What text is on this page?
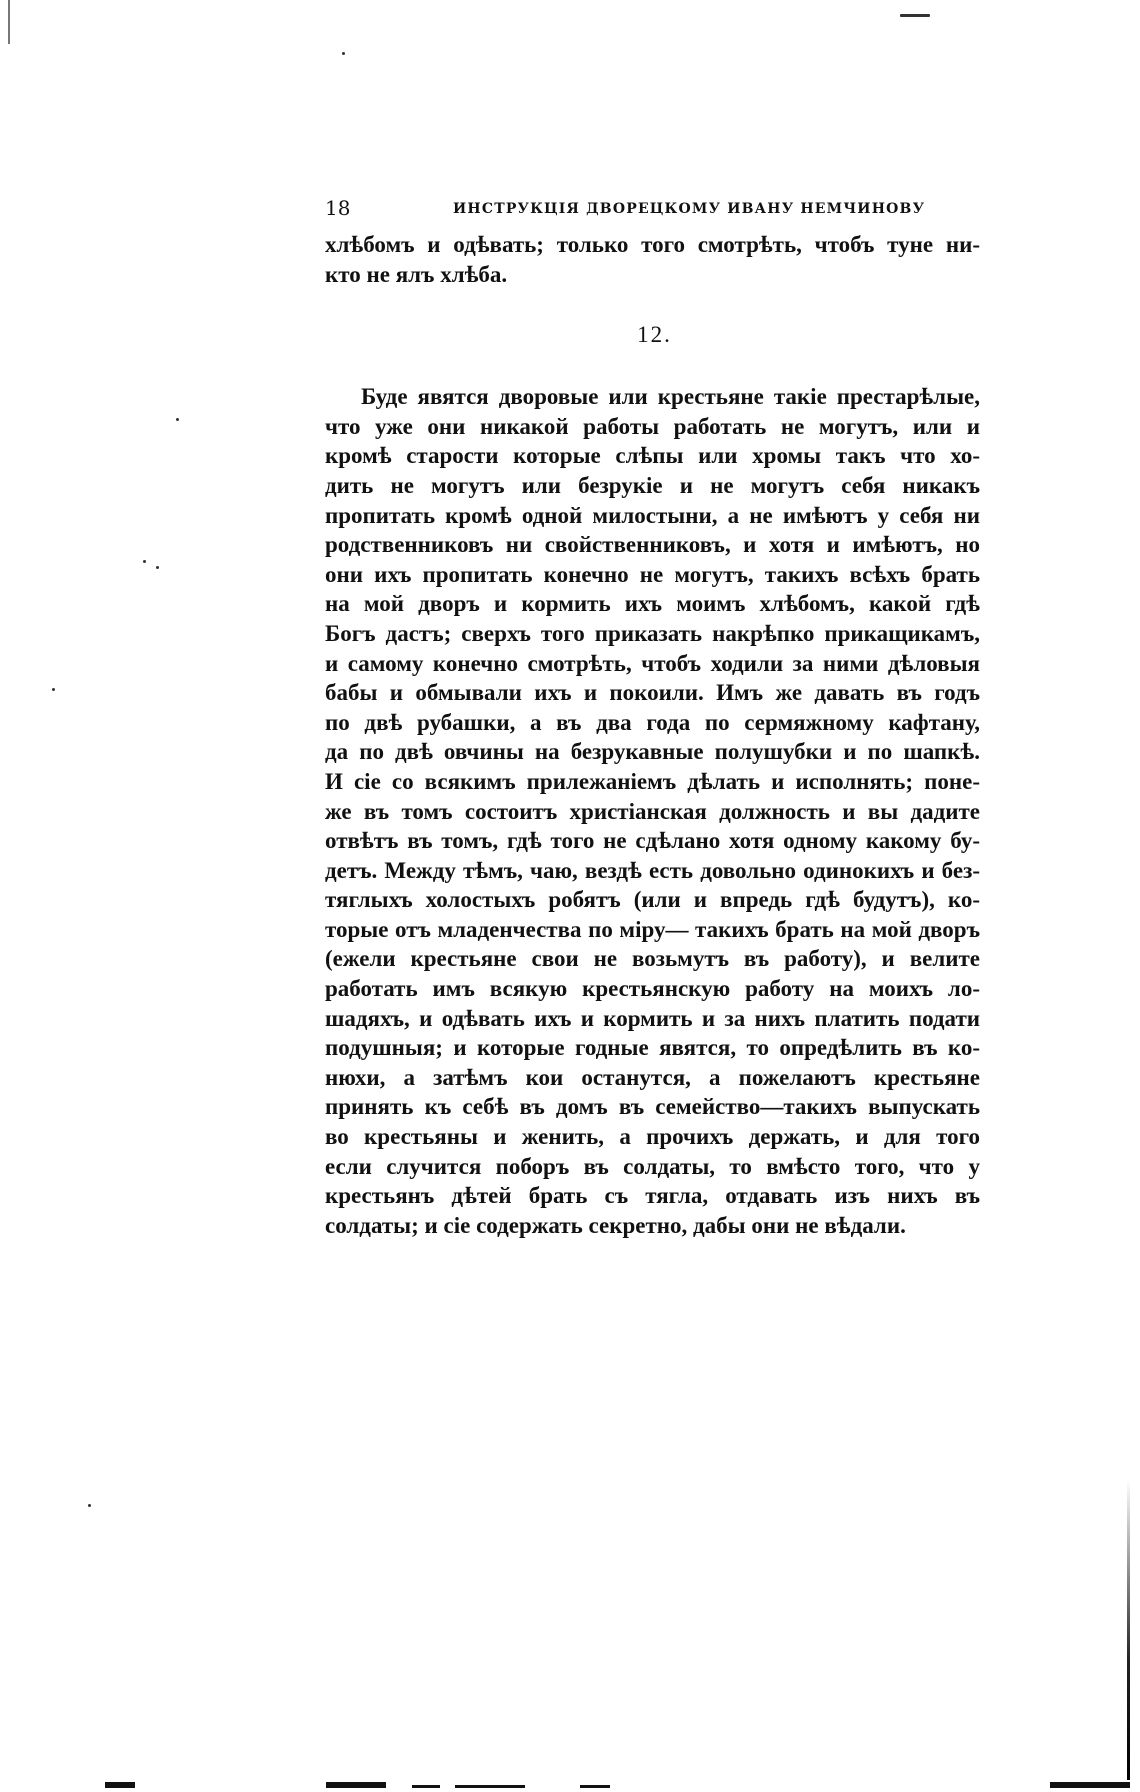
18	ИНСТРУКЦІЯ ДВОРЕЦКОМУ ИВАНУ НЕМЧИНОВУ
хлѣбомъ и одѣвать; только того смотрѣть, чтобъ туне ни-
кто не ялъ хлѣба.
12.
Буде явятся дворовые или крестьяне такіе престарѣлые,
что уже они никакой работы работать не могутъ, или и
кромѣ старости которые слѣпы или хромы такъ что хо-
дить не могутъ или безрукіе и не могутъ себя никакъ
пропитать кромѣ одной милостыни, а не имѣютъ у себя ни
родственниковъ ни свойственниковъ, и хотя и имѣютъ, но
они ихъ пропитать конечно не могутъ, такихъ всѣхъ брать
на мой дворъ и кормить ихъ моимъ хлѣбомъ, какой гдѣ
Богъ дастъ; сверхъ того приказать накрѣпко прикащикамъ,
и самому конечно смотрѣть, чтобъ ходили за ними дѣловыя
бабы и обмывали ихъ и покоили. Имъ же давать въ годъ
по двѣ рубашки, а въ два года по сермяжному кафтану,
да по двѣ овчины на безрукавные полушубки и по шапкѣ.
И сіе со всякимъ прилежаніемъ дѣлать и исполнять; поне-
же въ томъ состоитъ христіанская должность и вы дадите
отвѣтъ въ томъ, гдѣ того не сдѣлано хотя одному какому бу-
детъ. Между тѣмъ, чаю, вездѣ есть довольно одинокихъ и без-
тяглыхъ холостыхъ робятъ (или и впредь гдѣ будутъ), ко-
торые отъ младенчества по міру— такихъ брать на мой дворъ
(ежели крестьяне свои не возьмутъ въ работу), и велите
работать имъ всякую крестьянскую работу на моихъ ло-
шадяхъ, и одѣвать ихъ и кормить и за нихъ платить подати
подушныя; и которые годные явятся, то опредѣлить въ ко-
нюхи, а затѣмъ кои останутся, а пожелаютъ крестьяне
принять къ себѣ въ домъ въ семейство—такихъ выпускать
во крестьяны и женить, а прочихъ держать, и для того
если случится поборъ въ солдаты, то вмѣсто того, что у
крестьянъ дѣтей брать съ тягла, отдавать изъ нихъ въ
солдаты; и сіе содержать секретно, дабы они не вѣдали.
